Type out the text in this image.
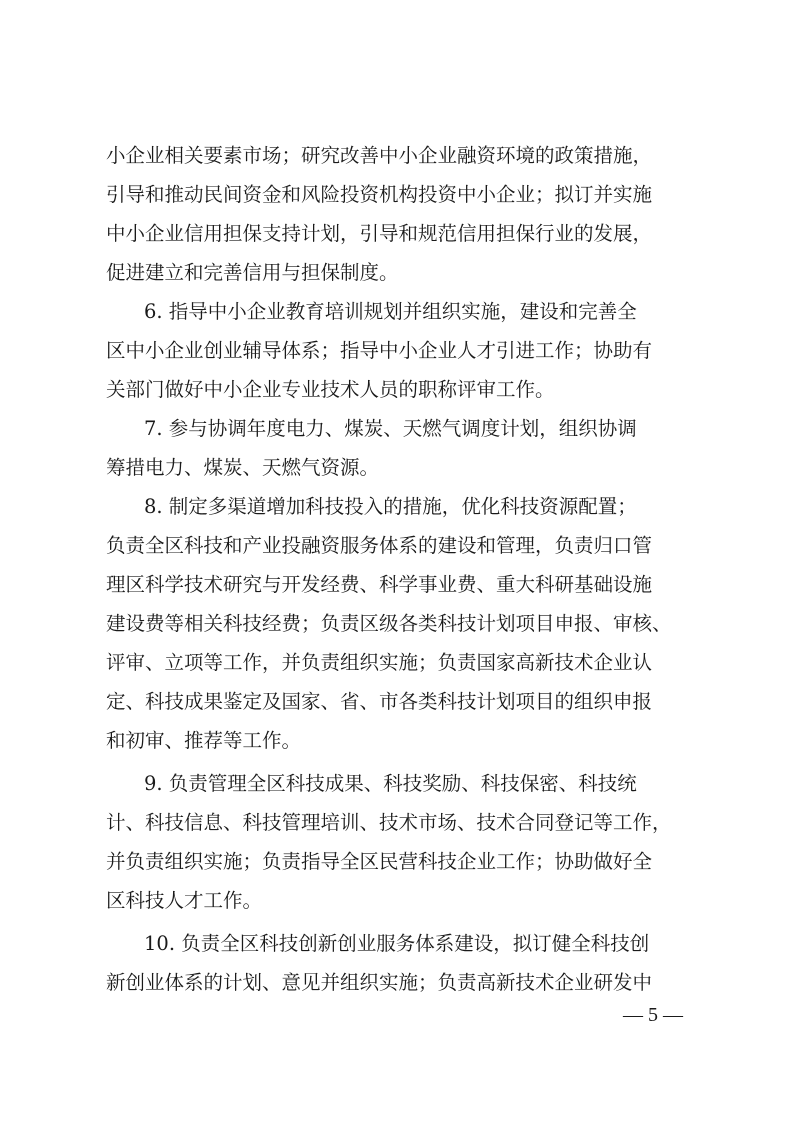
小企业相关要素市场；研究改善中小企业融资环境的政策措施，
引导和推动民间资金和风险投资机构投资中小企业；拟订并实施
中小企业信用担保支持计划，引导和规范信用担保行业的发展，
促进建立和完善信用与担保制度。
6. 指导中小企业教育培训规划并组织实施，建设和完善全
区中小企业创业辅导体系；指导中小企业人才引进工作；协助有
关部门做好中小企业专业技术人员的职称评审工作。
7. 参与协调年度电力、煤炭、天燃气调度计划，组织协调
筹措电力、煤炭、天燃气资源。
8. 制定多渠道增加科技投入的措施，优化科技资源配置；
负责全区科技和产业投融资服务体系的建设和管理，负责归口管
理区科学技术研究与开发经费、科学事业费、重大科研基础设施
建设费等相关科技经费；负责区级各类科技计划项目申报、审核、
评审、立项等工作，并负责组织实施；负责国家高新技术企业认
定、科技成果鉴定及国家、省、市各类科技计划项目的组织申报
和初审、推荐等工作。
9. 负责管理全区科技成果、科技奖励、科技保密、科技统
计、科技信息、科技管理培训、技术市场、技术合同登记等工作，
并负责组织实施；负责指导全区民营科技企业工作；协助做好全
区科技人才工作。
10. 负责全区科技创新创业服务体系建设，拟订健全科技创
新创业体系的计划、意见并组织实施；负责高新技术企业研发中
— 5 —
